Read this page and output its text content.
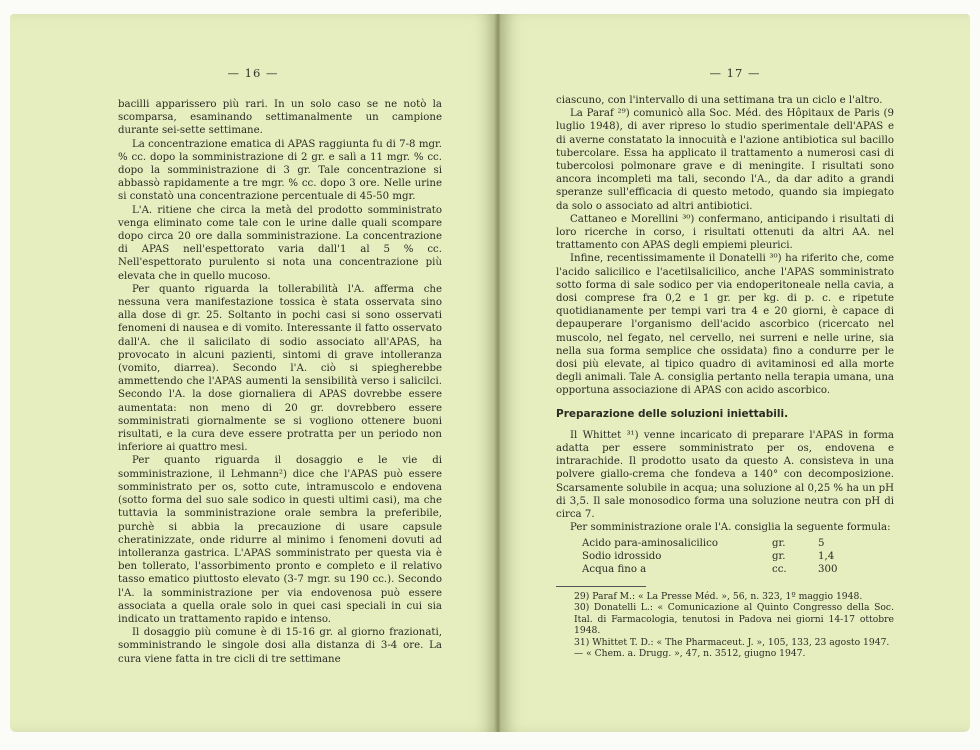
— 16 —

bacilli apparissero più rari. In un solo caso se ne notò la scomparsa, esaminando settimanalmente un campione durante sei-sette settimane.

La concentrazione ematica di APAS raggiunta fu di 7-8 mgr. % cc. dopo la somministrazione di 2 gr. e salì a 11 mgr. % cc. dopo la somministrazione di 3 gr. Tale concentrazione si abbassò rapidamente a tre mgr. % cc. dopo 3 ore. Nelle urine si constatò una concentrazione percentuale di 45-50 mgr.

L'A. ritiene che circa la metà del prodotto somministrato venga eliminato come tale con le urine dalle quali scompare dopo circa 20 ore dalla somministrazione. La concentrazione di APAS nell'espettorato varia dall'1 al 5 % cc. Nell'espettorato purulento si nota una concentrazione più elevata che in quello mucoso.

Per quanto riguarda la tollerabilità l'A. afferma che nessuna vera manifestazione tossica è stata osservata sino alla dose di gr. 25. Soltanto in pochi casi si sono osservati fenomeni di nausea e di vomito. Interessante il fatto osservato dall'A. che il salicilato di sodio associato all'APAS, ha provocato in alcuni pazienti, sintomi di grave intolleranza (vomito, diarrea). Secondo l'A. ciò si spiegherebbe ammettendo che l'APAS aumenti la sensibilità verso i salicilci. Secondo l'A. la dose giornaliera di APAS dovrebbe essere aumentata: non meno di 20 gr. dovrebbero essere somministrati giornalmente se si vogliono ottenere buoni risultati, e la cura deve essere protratta per un periodo non inferiore ai quattro mesi.

Per quanto riguarda il dosaggio e le vie di somministrazione, il Lehmann²) dice che l'APAS può essere somministrato per os, sotto cute, intramuscolo e endovena (sotto forma del suo sale sodico in questi ultimi casi), ma che tuttavia la somministrazione orale sembra la preferibile, purchè si abbia la precauzione di usare capsule cheratinizzate, onde ridurre al minimo i fenomeni dovuti ad intolleranza gastrica. L'APAS somministrato per questa via è ben tollerato, l'assorbimento pronto e completo e il relativo tasso ematico piuttosto elevato (3-7 mgr. su 190 cc.). Secondo l'A. la somministrazione per via endovenosa può essere associata a quella orale solo in quei casi speciali in cui sia indicato un trattamento rapido e intenso.

Il dosaggio più comune è di 15-16 gr. al giorno frazionati, somministrando le singole dosi alla distanza di 3-4 ore. La cura viene fatta in tre cicli di tre settimane

— 17 —

ciascuno, con l'intervallo di una settimana tra un ciclo e l'altro.

La Paraf ²⁹) comunicò alla Soc. Méd. des Hôpitaux de Paris (9 luglio 1948), di aver ripreso lo studio sperimentale dell'APAS e di averne constatato la innocuità e l'azione antibiotica sul bacillo tubercolare. Essa ha applicato il trattamento a numerosi casi di tubercolosi polmonare grave e di meningite. I risultati sono ancora incompleti ma tali, secondo l'A., da dar adito a grandi speranze sull'efficacia di questo metodo, quando sia impiegato da solo o associato ad altri antibiotici.

Cattaneo e Morellini ³⁰) confermano, anticipando i risultati di loro ricerche in corso, i risultati ottenuti da altri AA. nel trattamento con APAS degli empiemi pleurici.

Infine, recentissimamente il Donatelli ³⁰) ha riferito che, come l'acido salicilico e l'acetilsalicilico, anche l'APAS somministrato sotto forma di sale sodico per via endoperitoneale nella cavia, a dosi comprese fra 0,2 e 1 gr. per kg. di p. c. e ripetute quotidianamente per tempi vari tra 4 e 20 giorni, è capace di depauperare l'organismo dell'acido ascorbico (ricercato nel muscolo, nel fegato, nel cervello, nei surreni e nelle urine, sia nella sua forma semplice che ossidata) fino a condurre per le dosi più elevate, al tipico quadro di avitaminosi ed alla morte degli animali. Tale A. consiglia pertanto nella terapia umana, una opportuna associazione di APAS con acido ascorbico.

Preparazione delle soluzioni iniettabili.

Il Whittet ³¹) venne incaricato di preparare l'APAS in forma adatta per essere somministrato per os, endovena e intrarachide. Il prodotto usato da questo A. consisteva in una polvere giallo-crema che fondeva a 140° con decomposizione. Scarsamente solubile in acqua; una soluzione al 0,25 % ha un pH di 3,5. Il sale monosodico forma una soluzione neutra con pH di circa 7.

Per somministrazione orale l'A. consiglia la seguente formula:

Acido para-aminosalicilico	gr.	5
Sodio idrossido	gr.	1,4
Acqua fino a	cc.	300

29) Paraf M.: « La Presse Méd. », 56, n. 323, 1º maggio 1948.

30) Donatelli L.: « Comunicazione al Quinto Congresso della Soc. Ital. di Farmacologia, tenutosi in Padova nei giorni 14-17 ottobre 1948.

31) Whittet T. D.: « The Pharmaceut. J. », 105, 133, 23 agosto 1947.

— « Chem. a. Drugg. », 47, n. 3512, giugno 1947.
